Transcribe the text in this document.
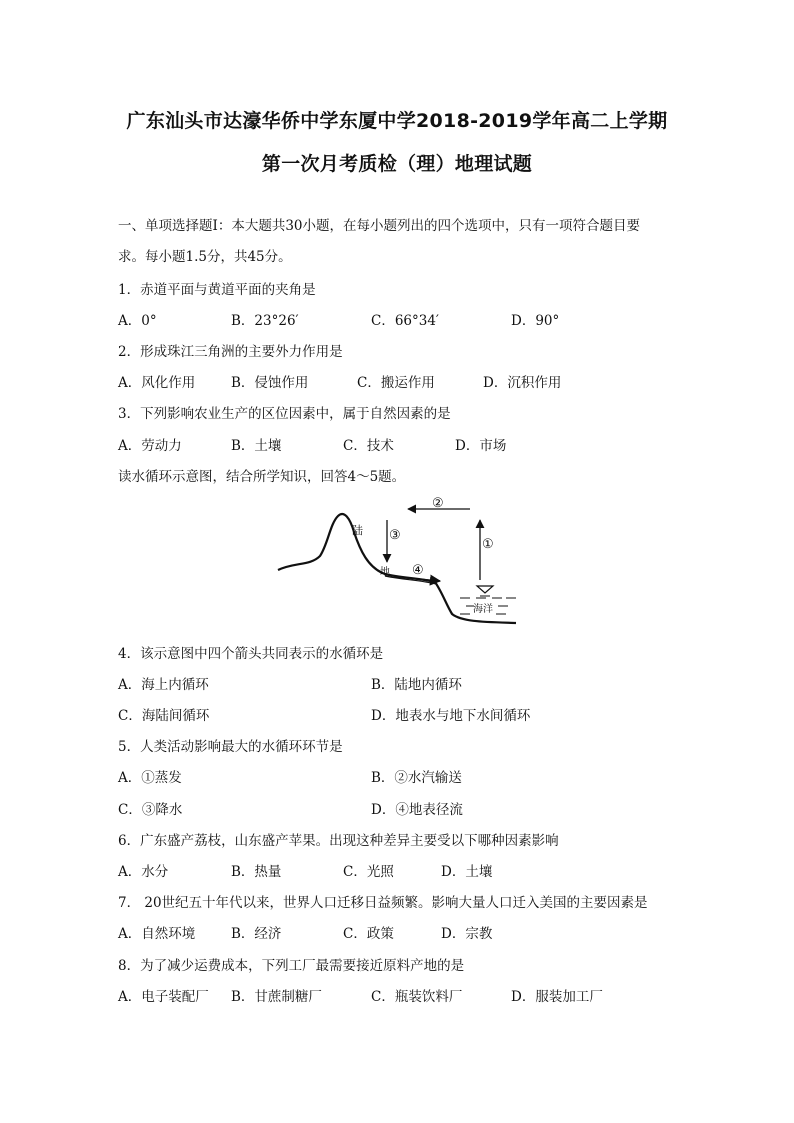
广东汕头市达濠华侨中学东厦中学2018-2019学年高二上学期
第一次月考质检（理）地理试题
一、单项选择题Ⅰ：本大题共30小题，在每小题列出的四个选项中，只有一项符合题目要
求。每小题1.5分，共45分。
1．赤道平面与黄道平面的夹角是
A．0°	B．23°26′	C．66°34′	D．90°
2．形成珠江三角洲的主要外力作用是
A．风化作用	B．侵蚀作用	C．搬运作用	D．沉积作用
3．下列影响农业生产的区位因素中，属于自然因素的是
A．劳动力	B．土壤	C．技术	D．市场
读水循环示意图，结合所学知识，回答4～5题。
陆
地
海洋
①
②
③
④
4．该示意图中四个箭头共同表示的水循环是
A．海上内循环	B．陆地内循环
C．海陆间循环	D．地表水与地下水间循环
5．人类活动影响最大的水循环环节是
A．①蒸发	B．②水汽输送
C．③降水	D．④地表径流
6．广东盛产荔枝，山东盛产苹果。出现这种差异主要受以下哪种因素影响
A．水分	B．热量	C．光照	D．土壤
7． 20世纪五十年代以来，世界人口迁移日益频繁。影响大量人口迁入美国的主要因素是
A．自然环境	B．经济	C．政策	D．宗教
8．为了减少运费成本，下列工厂最需要接近原料产地的是
A．电子装配厂 B．甘蔗制糖厂	C．瓶装饮料厂	D．服装加工厂
